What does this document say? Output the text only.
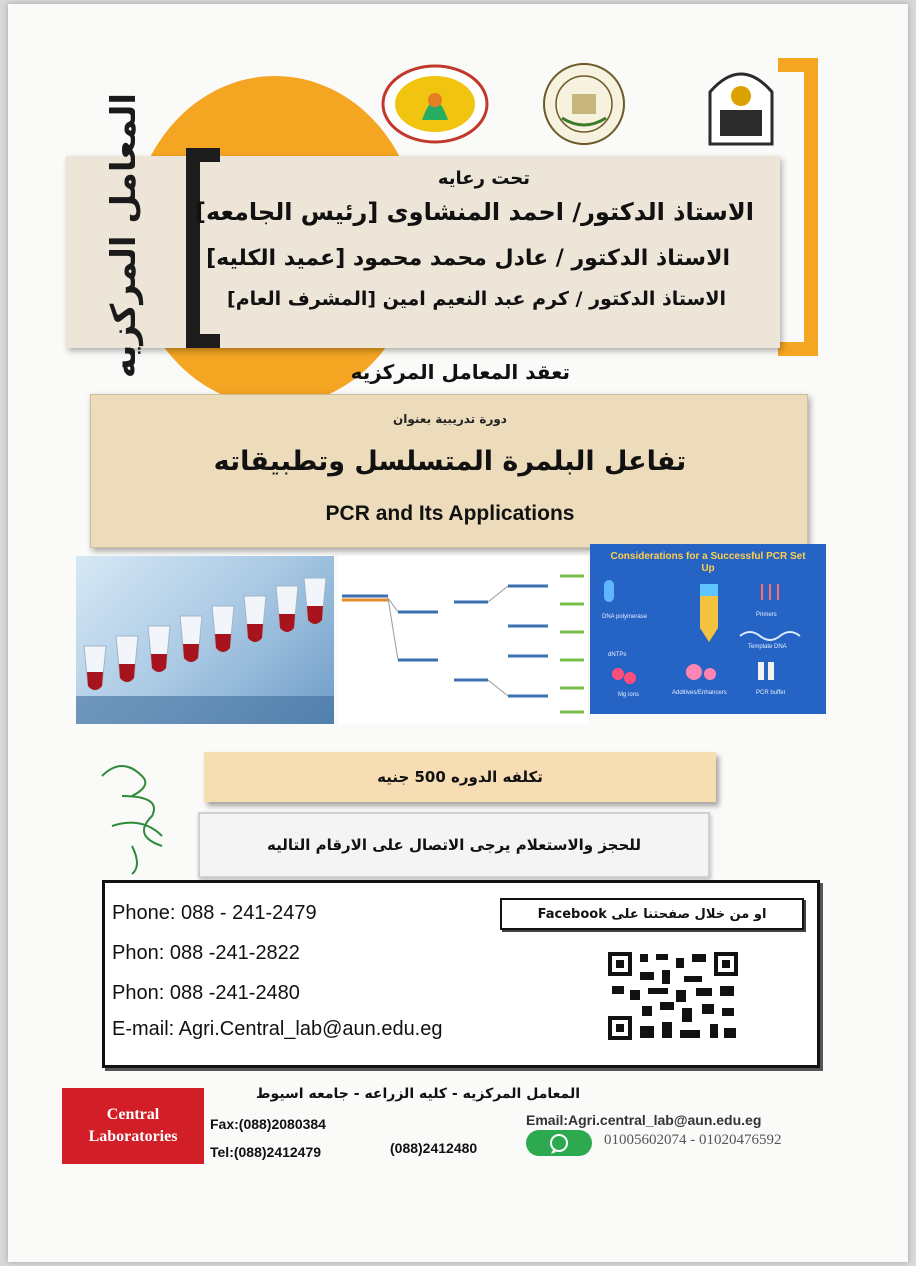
المعامل المركزيه	تحت رعايه
الاستاذ الدكتور/ احمد المنشاوى [رئيس الجامعه]
الاستاذ الدكتور / عادل محمد محمود [عميد الكليه]
الاستاذ الدكتور / كرم عبد النعيم امين [المشرف العام]
تعقد المعامل المركزيه
دورة تدريبية بعنوان
تفاعل البلمرة المتسلسل وتطبيقاته
PCR and Its Applications
Considerations for a Successful PCR Set Up
DNA polymerase	Primers
dNTPs
Template DNA
Mg ions	Additives/Enhancers	PCR buffer
تكلفه الدوره 500 جنيه
للحجز والاستعلام يرجى الاتصال على الارقام التاليه
Phone: 088 - 241-2479
Phon: 088 -241-2822
Phon: 088 -241-2480
E-mail: Agri.Central_lab@aun.edu.eg
او من خلال صفحتنا على Facebook
Central
Laboratories
المعامل المركزيه - كليه الزراعه - جامعه اسيوط
Fax:(088)2080384
Tel:(088)2412479	(088)2412480
Email:Agri.central_lab@aun.edu.eg
01005602074 - 01020476592
